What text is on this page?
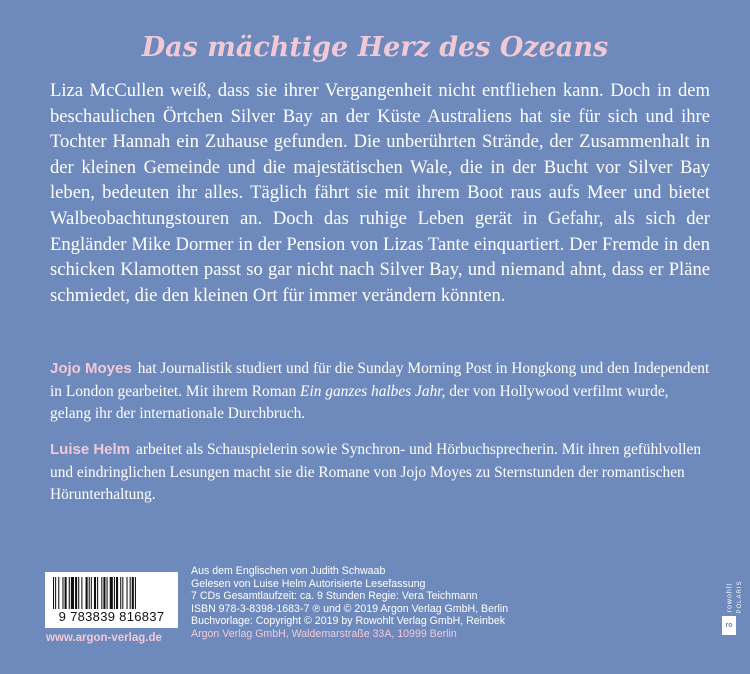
Das mächtige Herz des Ozeans

Liza McCullen weiß, dass sie ihrer Vergangenheit nicht entfliehen kann. Doch in dem beschaulichen Örtchen Silver Bay an der Küste Australiens hat sie für sich und ihre Tochter Hannah ein Zuhause gefunden. Die unberührten Strände, der Zusammenhalt in der kleinen Gemeinde und die majestätischen Wale, die in der Bucht vor Silver Bay leben, bedeuten ihr alles. Täglich fährt sie mit ihrem Boot raus aufs Meer und bietet Walbeobachtungstouren an. Doch das ruhige Leben gerät in Gefahr, als sich der Engländer Mike Dormer in der Pension von Lizas Tante einquartiert. Der Fremde in den schicken Klamotten passt so gar nicht nach Silver Bay, und niemand ahnt, dass er Pläne schmiedet, die den kleinen Ort für immer verändern könnten.

Jojo Moyes hat Journalistik studiert und für die Sunday Morning Post in Hongkong und den Independent in London gearbeitet. Mit ihrem Roman Ein ganzes halbes Jahr, der von Hollywood verfilmt wurde, gelang ihr der internationale Durchbruch.

Luise Helm arbeitet als Schauspielerin sowie Synchron- und Hörbuchsprecherin. Mit ihren gefühlvollen und eindringlichen Lesungen macht sie die Romane von Jojo Moyes zu Sternstunden der romantischen Hörunterhaltung.

9 783839 816837
www.argon-verlag.de
Aus dem Englischen von Judith Schwaab
Gelesen von Luise Helm Autorisierte Lesefassung
7 CDs Gesamtlaufzeit: ca. 9 Stunden Regie: Vera Teichmann
ISBN 978-3-8398-1683-7 ℗ und © 2019 Argon Verlag GmbH, Berlin
Buchvorlage: Copyright © 2019 by Rowohlt Verlag GmbH, Reinbek
Argon Verlag GmbH, Waldemarstraße 33A, 10999 Berlin
rowohlt POLARIS
ro
